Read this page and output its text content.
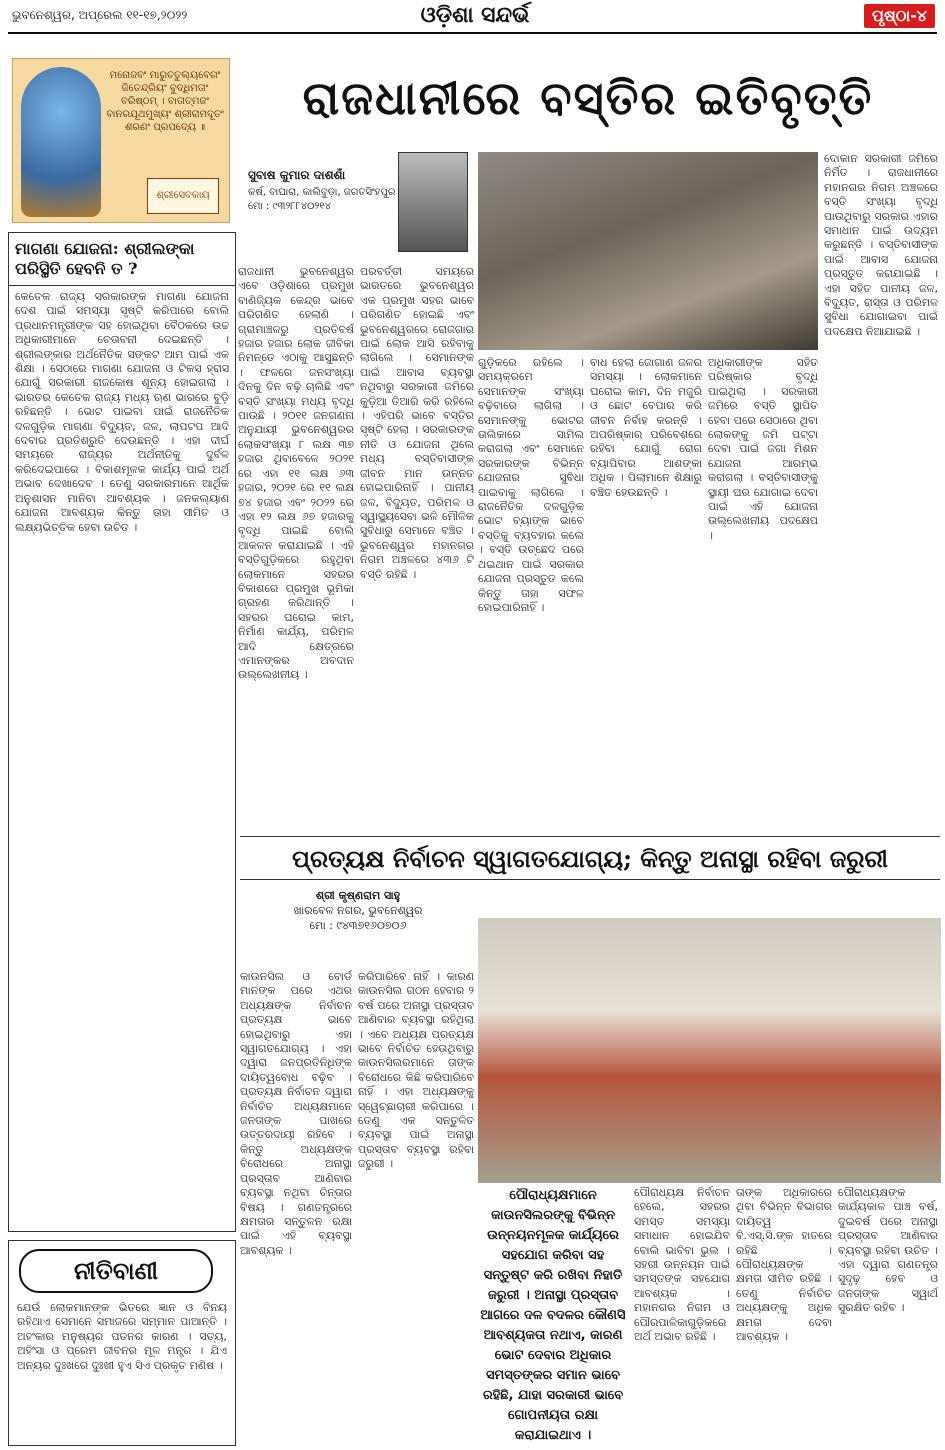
ଭୁବନେଶ୍ୱର, ଅପ୍ରେଲ ୧୧-୧୭,୨୦୨୨	ଓଡ଼ିଶା ସନ୍ଦର୍ଭ	ପୃଷ୍ଠା-୪
ମନୋଜବଂ ମାରୁତତୁଲ୍ୟବେଗଂ ଜିତେନ୍ଦ୍ରିୟଂ ବୁଦ୍ଧିମତାଂ ବରିଷ୍ଠମ୍ । ବାତାତ୍ମଜଂ ବାନରଯୂଥମୁଖ୍ୟଂ ଶ୍ରୀରାମଦୂତଂ ଶରଣଂ ପ୍ରପଦ୍ୟେ ॥
ଶ୍ରୀସେବକାୟ
ରାଜଧାନୀରେ ବସ୍ତିର ଇତିବୃତ୍ତି
ସୁବାଷ କୁମାର ଦାଶଶାଁ
କର୍ଷ, ବାଘାରା, କାଲିବୁଡ଼ା, ଜଗତସିଂହପୁର
ମୋ : ୯୩୨୮୮୪୦୨୧୪
ରାଜଧାନୀ ଭୁବନେଶ୍ୱର ଏବେ ଓଡ଼ିଶାରେ ପ୍ରମୁଖ ବାଣିଜ୍ୟିକ କେନ୍ଦ୍ର ଭାବେ ପରିଗଣିତ ହେଲାଣି । ଗ୍ରାମାଞ୍ଚଳରୁ ପ୍ରତିବର୍ଷ ହଜାର ହଜାର ଲୋକ ଜୀବିକା ନିମନ୍ତେ ଏଠାକୁ ଆସୁଛନ୍ତି । ଫଳରେ ଜନସଂଖ୍ୟା ଦିନକୁ ଦିନ ବଢ଼ି ଚାଲିଛି ଏବଂ ବସ୍ତି ସଂଖ୍ୟା ମଧ୍ୟ ବୃଦ୍ଧି ପାଉଛି । ୨୦୧୧ ଜନଗଣନା ଅନୁଯାୟୀ ଭୁବନେଶ୍ୱରର ଲୋକସଂଖ୍ୟା ୮ ଲକ୍ଷ ୩୭ ହଜାର ଥିବାବେଳେ ୨୦୨୧ ରେ ଏହା ୧୧ ଲକ୍ଷ ୬୩ ହଜାର, ୨୦୨୧ ରେ ୧୧ ଲକ୍ଷ ୭୪ ହଜାର ଏବଂ ୨୦୨୨ ରେ ଏହା ୧୨ ଲକ୍ଷ ୬୭ ହଜାରକୁ ବୃଦ୍ଧି ପାଇଛି ବୋଲି ଆକଳନ କରାଯାଇଛି । ଏହି ବସ୍ତିଗୁଡ଼ିକରେ ରହୁଥିବା ଲୋକମାନେ ସହରର ବିକାଶରେ ପ୍ରମୁଖ ଭୂମିକା ଗ୍ରହଣ କରିଥାନ୍ତି । ସହରର ଘରୋଇ କାମ, ନିର୍ମାଣ କାର୍ଯ୍ୟ, ପରିମଳ ଆଦି କ୍ଷେତ୍ରରେ ଏମାନଙ୍କର ଅବଦାନ ଉଲ୍ଲେଖନୀୟ ।
ପରବର୍ତ୍ତୀ ସମୟରେ ଭାରତରେ ଭୁବନେଶ୍ୱର ଏକ ପ୍ରମୁଖ ସହର ଭାବେ ପରିଗଣିତ ହୋଇଛି ଏବଂ ଭୁବନେଶ୍ୱରରେ ରୋଜଗାର ପାଇଁ ଲୋକ ଆସି ରହିବାକୁ ଲାଗିଲେ । ସେମାନଙ୍କ ପାଇଁ ଆବାସ ବ୍ୟବସ୍ଥା ନଥିବାରୁ ସରକାରୀ ଜମିରେ କୁଡ଼ିଆ ତିଆରି କରି ରହିଲେ । ଏହିପରି ଭାବେ ବସ୍ତିର ସୃଷ୍ଟି ହେଲା । ସରକାରଙ୍କ ନୀତି ଓ ଯୋଜନା ଥିଲେ ମଧ୍ୟ ବସ୍ତିବାସୀଙ୍କ ଜୀବନ ମାନ ଉନ୍ନତ ହୋଇପାରିନାହିଁ । ପାନୀୟ ଜଳ, ବିଦ୍ୟୁତ, ପରିମଳ ଓ ସ୍ୱାସ୍ଥ୍ୟସେବା ଭଳି ମୌଳିକ ସୁବିଧାରୁ ସେମାନେ ବଞ୍ଚିତ । ଭୁବନେଶ୍ୱର ମହାନଗର ନିଗମ ଅଞ୍ଚଳରେ ୪୩୬ ଟି ବସ୍ତି ରହିଛି ।
ଗୁଡ଼ିକରେ ରହିଲେ । ସମୟକ୍ରମେ ସେମାନଙ୍କ ସଂଖ୍ୟା ବଢ଼ିବାରେ ଲାଗିଲା । ସେମାନଙ୍କୁ ଭୋଟର ତାଲିକାରେ ସାମିଲ କରାଗଲା ଏବଂ ସେମାନେ ସରକାରଙ୍କ ବିଭିନ୍ନ ଯୋଜନାର ସୁବିଧା ପାଇବାକୁ ଲାଗିଲେ । ରାଜନୈତିକ ଦଳଗୁଡ଼ିକ ଭୋଟ ବ୍ୟାଙ୍କ ଭାବେ ବସ୍ତିକୁ ବ୍ୟବହାର କଲେ । ବସ୍ତି ଉଚ୍ଛେଦ ପରେ ଥଇଥାନ ପାଇଁ ସରକାର ଯୋଜନା ପ୍ରସ୍ତୁତ କଲେ କିନ୍ତୁ ତାହା ସଫଳ ହୋଇପାରିନାହିଁ ।
ବାଧ ହେଲା ଜୋଗାଣ ଜଳର ସମସ୍ୟା । ଲୋକମାନେ ଘରୋଇ କାମ, ଦିନ ମଜୁରି ଓ ଛୋଟ ବେପାର କରି ଜୀବନ ନିର୍ବାହ କରନ୍ତି । ଅପରିଷ୍କାର ପରିବେଶରେ ରହିବା ଯୋଗୁଁ ରୋଗ ବ୍ୟାପିବାର ଆଶଙ୍କା ଅଧିକ । ପିଲାମାନେ ଶିକ୍ଷାରୁ ବଞ୍ଚିତ ହେଉଛନ୍ତି ।
ଅଧିକାରୀଙ୍କ ସହିତ ପରିଷ୍କାର ବୃଦ୍ଧି ପାଇଥିଲା । ସରକାରୀ ଜମିରେ ବସ୍ତି ସ୍ଥାପିତ ହେବା ପରେ ସେଠାରେ ଥିବା ଲୋକଙ୍କୁ ଜମି ପଟ୍ଟା ଦେବା ପାଇଁ ଜଗା ମିଶନ ଯୋଜନା ଆରମ୍ଭ କରାଗଲା । ବସ୍ତିବାସୀଙ୍କୁ ସ୍ଥାୟୀ ଘର ଯୋଗାଇ ଦେବା ପାଇଁ ଏହି ଯୋଜନା ଉଲ୍ଲେଖନୀୟ ପଦକ୍ଷେପ ।
ଦୋକାନ ସରକାରୀ ଜମିରେ ନିର୍ମିତ । ରାଜଧାନୀରେ ମହାନଗର ନିଗମ ଅଞ୍ଚଳରେ ବସ୍ତି ସଂଖ୍ୟା ବୃଦ୍ଧି ପାଉଥିବାରୁ ସରକାର ଏହାର ସମାଧାନ ପାଇଁ ଉଦ୍ୟମ କରୁଛନ୍ତି । ବସ୍ତିବାସୀଙ୍କ ପାଇଁ ଆବାସ ଯୋଜନା ପ୍ରସ୍ତୁତ କରାଯାଇଛି । ଏହା ସହିତ ପାନୀୟ ଜଳ, ବିଦ୍ୟୁତ, ରାସ୍ତା ଓ ପରିମଳ ସୁବିଧା ଯୋଗାଇବା ପାଇଁ ପଦକ୍ଷେପ ନିଆଯାଇଛି ।
ମାଗଣା ଯୋଜନା: ଶ୍ରୀଲଙ୍କା ପରିସ୍ଥିତି ହେବନି ତ ?
କେତେକ ରାଜ୍ୟ ସରକାରଙ୍କ ମାଗଣା ଯୋଜନା ଦେଶ ପାଇଁ ସମସ୍ୟା ସୃଷ୍ଟି କରିପାରେ ବୋଲି ପ୍ରଧାନମନ୍ତ୍ରୀଙ୍କ ସହ ହୋଇଥିବା ବୈଠକରେ ଉଚ୍ଚ ଅଧିକାରୀମାନେ ଚେତାବନୀ ଦେଇଛନ୍ତି । ଶ୍ରୀଲଙ୍କାର ଅର୍ଥନୈତିକ ସଙ୍କଟ ଆମ ପାଇଁ ଏକ ଶିକ୍ଷା । ସେଠାରେ ମାଗଣା ଯୋଜନା ଓ ଟିକସ ହ୍ରାସ ଯୋଗୁଁ ସରକାରୀ ରାଜକୋଷ ଶୂନ୍ୟ ହୋଇଗଲା । ଭାରତର କେତେକ ରାଜ୍ୟ ମଧ୍ୟ ଋଣ ଭାରରେ ବୁଡ଼ି ରହିଛନ୍ତି । ଭୋଟ ପାଇବା ପାଇଁ ରାଜନୈତିକ ଦଳଗୁଡ଼ିକ ମାଗଣା ବିଦ୍ୟୁତ, ଜଳ, ଲାପଟପ ଆଦି ଦେବାର ପ୍ରତିଶ୍ରୁତି ଦେଉଛନ୍ତି । ଏହା ଦୀର୍ଘ ସମୟରେ ରାଜ୍ୟର ଅର୍ଥନୀତିକୁ ଦୁର୍ବଳ କରିଦେଇପାରେ । ବିକାଶମୂଳକ କାର୍ଯ୍ୟ ପାଇଁ ଅର୍ଥ ଅଭାବ ଦେଖାଦେବ । ତେଣୁ ସରକାରମାନେ ଆର୍ଥିକ ଅନୁଶାସନ ମାନିବା ଆବଶ୍ୟକ । ଜନକଲ୍ୟାଣ ଯୋଜନା ଆବଶ୍ୟକ କିନ୍ତୁ ତାହା ସୀମିତ ଓ ଲକ୍ଷ୍ୟଭିତ୍ତିକ ହେବା ଉଚିତ ।
ନୀତିବାଣୀ
ଯେଉଁ ଲୋକମାନଙ୍କ ଭିତରେ ଜ୍ଞାନ ଓ ବିନୟ ରହିଥାଏ ସେମାନେ ସମାଜରେ ସମ୍ମାନ ପାଆନ୍ତି । ଅହଂକାର ମନୁଷ୍ୟର ପତନର କାରଣ । ସତ୍ୟ, ଅହିଂସା ଓ ପ୍ରେମ ଜୀବନର ମୂଳ ମନ୍ତ୍ର । ଯିଏ ଅନ୍ୟର ଦୁଃଖରେ ଦୁଃଖୀ ହୁଏ ସିଏ ପ୍ରକୃତ ମଣିଷ ।
ପ୍ରତ୍ୟକ୍ଷ ନିର୍ବାଚନ ସ୍ୱାଗତଯୋଗ୍ୟ; କିନ୍ତୁ ଅନାସ୍ଥା ରହିବା ଜରୁରୀ
ଶ୍ରୀ କୃଷ୍ଣରାମ ସାହୁ
ଖାରବେଳ ନଗର, ଭୁବନେଶ୍ୱର
ମୋ : ୯୪୩୭୧୬୦୭୦୬
କାଉନସିଲ ଓ ବୋର୍ଡ ମାନଙ୍କ ପରେ ଏଥର ଅଧ୍ୟକ୍ଷଙ୍କ ନିର୍ବାଚନ ପ୍ରତ୍ୟକ୍ଷ ଭାବେ ହୋଇଥିବାରୁ ଏହା ସ୍ୱାଗତଯୋଗ୍ୟ । ଏହା ଦ୍ୱାରା ଜନପ୍ରତିନିଧିଙ୍କ ଦାୟିତ୍ୱବୋଧ ବଢ଼ିବ । ପ୍ରତ୍ୟକ୍ଷ ନିର୍ବାଚନ ଦ୍ୱାରା ନିର୍ବାଚିତ ଅଧ୍ୟକ୍ଷମାନେ ଜନତାଙ୍କ ପାଖରେ ଉତ୍ତରଦାୟୀ ରହିବେ । କିନ୍ତୁ ଅଧ୍ୟକ୍ଷଙ୍କ ବିରୋଧରେ ଅନାସ୍ଥା ପ୍ରସ୍ତାବ ଆଣିବାର ବ୍ୟବସ୍ଥା ନଥିବା ଚିନ୍ତାର ବିଷୟ । ଗଣତନ୍ତ୍ରରେ କ୍ଷମତାର ସନ୍ତୁଳନ ରକ୍ଷା ପାଇଁ ଏହି ବ୍ୟବସ୍ଥା ଆବଶ୍ୟକ ।
କରିପାରିବେ ନାହିଁ । କାରଣ କାଉନସିଲ ଗଠନ ହେବାର ୨ ବର୍ଷ ପରେ ଅନାସ୍ଥା ପ୍ରସ୍ତାବ ଆଣିବାର ବ୍ୟବସ୍ଥା ରହିଥିଲା । ଏବେ ଅଧ୍ୟକ୍ଷ ପ୍ରତ୍ୟକ୍ଷ ଭାବେ ନିର୍ବାଚିତ ହେଉଥିବାରୁ କାଉନସିଲରମାନେ ତାଙ୍କ ବିରୋଧରେ କିଛି କରିପାରିବେ ନାହିଁ । ଏହା ଅଧ୍ୟକ୍ଷଙ୍କୁ ସ୍ୱେଚ୍ଛାଚାରୀ କରିପାରେ । ତେଣୁ ଏକ ସନ୍ତୁଳିତ ବ୍ୟବସ୍ଥା ପାଇଁ ଅନାସ୍ଥା ପ୍ରସ୍ତାବ ବ୍ୟବସ୍ଥା ରହିବା ଜରୁରୀ ।
ପୌରାଧ୍ୟକ୍ଷମାନେ କାଉନସିଲରଙ୍କୁ ବିଭିନ୍ନ ଉନ୍ନୟନମୂଳକ କାର୍ଯ୍ୟରେ ସହଯୋଗ କରିବା ସହ ସନ୍ତୁଷ୍ଟ କରି ରଖିବା ନିହାତି ଜରୁରୀ । ଅନାସ୍ଥା ପ୍ରସ୍ତାବ ଆଗରେ ଦଳ ବଦଳର କୌଣସି ଆବଶ୍ୟକତା ନଥାଏ, କାରଣ ଭୋଟ ଦେବାର ଅଧିକାର ସମସ୍ତଙ୍କର ସମାନ ଭାବେ ରହିଛି, ଯାହା ସରକାରୀ ଭାବେ ଗୋପନୀୟତା ରକ୍ଷା କରାଯାଇଥାଏ ।
ପୌରାଧ୍ୟକ୍ଷ ନିର୍ବାଚନ ହେଲେ, ସହରର ସମସ୍ତ ସମସ୍ୟା ସମାଧାନ ହୋଇଯିବ ବୋଲି ଭାବିବା ଭୁଲ । ସହରୀ ଉନ୍ନୟନ ପାଇଁ ସମସ୍ତଙ୍କ ସହଯୋଗ ଆବଶ୍ୟକ । ମହାନଗର ନିଗମ ଓ ପୌରପାଳିକାଗୁଡ଼ିକରେ ଅର୍ଥ ଅଭାବ ରହିଛି ।
ତାଙ୍କ ଅଧିକାରରେ ଥିବା ବିଭିନ୍ନ ବିଭାଗର ଦାୟିତ୍ୱ ବି.ଏସ୍.ସି.ଙ୍କ ହାତରେ ରହିଛି । ପୌରାଧ୍ୟକ୍ଷଙ୍କ କ୍ଷମତା ସୀମିତ ରହିଛି । ତେଣୁ ନିର୍ବାଚିତ ଅଧ୍ୟକ୍ଷଙ୍କୁ ଅଧିକ କ୍ଷମତା ଦେବା ଆବଶ୍ୟକ ।
ପୌରାଧ୍ୟକ୍ଷଙ୍କ କାର୍ଯ୍ୟକାଳ ପାଞ୍ଚ ବର୍ଷ, ଦୁଇବର୍ଷ ପରେ ଅନାସ୍ଥା ପ୍ରସ୍ତାବ ଆଣିବାର ବ୍ୟବସ୍ଥା ରହିବା ଉଚିତ । ଏହା ଦ୍ୱାରା ଗଣତନ୍ତ୍ର ସୁଦୃଢ଼ ହେବ ଓ ଜନତାଙ୍କ ସ୍ୱାର୍ଥ ସୁରକ୍ଷିତ ରହିବ ।
